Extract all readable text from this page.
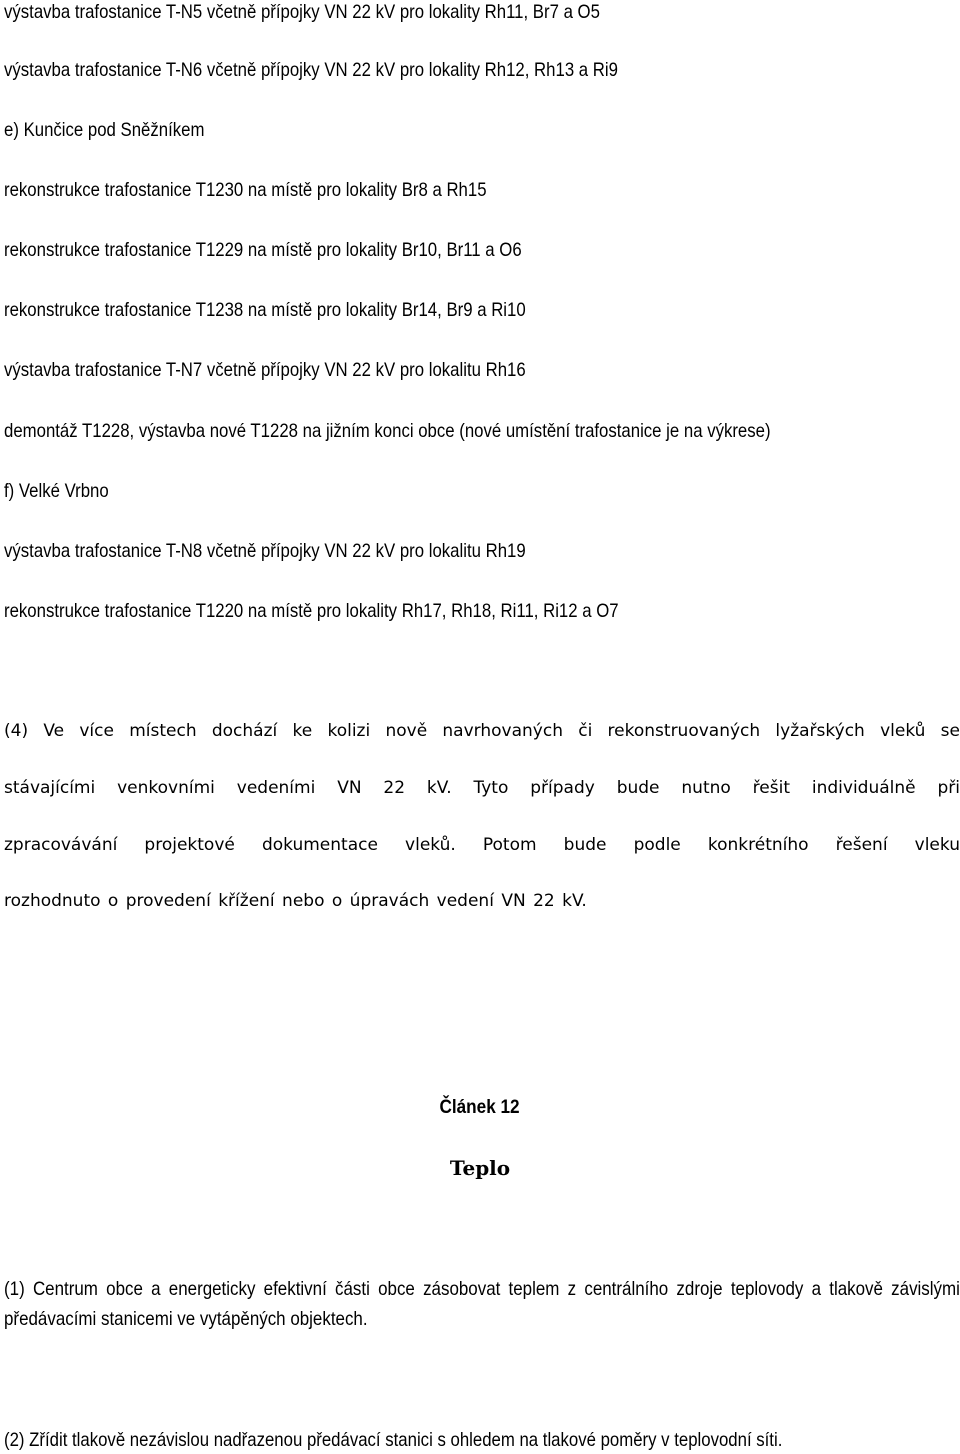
výstavba trafostanice T-N5 včetně přípojky VN 22 kV pro lokality Rh11, Br7 a O5
výstavba trafostanice T-N6 včetně přípojky VN 22 kV pro lokality Rh12, Rh13 a Ri9
e) Kunčice pod Sněžníkem
rekonstrukce trafostanice T1230 na místě pro lokality Br8 a Rh15
rekonstrukce trafostanice T1229 na místě pro lokality Br10, Br11 a O6
rekonstrukce trafostanice T1238 na místě pro lokality Br14, Br9 a Ri10
výstavba trafostanice T-N7 včetně přípojky VN 22 kV pro lokalitu Rh16
demontáž T1228, výstavba nové T1228 na jižním konci obce (nové umístění trafostanice je na výkrese)
f) Velké Vrbno
výstavba trafostanice T-N8 včetně přípojky VN 22 kV pro lokalitu Rh19
rekonstrukce trafostanice T1220 na místě pro lokality Rh17, Rh18, Ri11, Ri12 a O7
(4) Ve více místech dochází ke kolizi nově navrhovaných či rekonstruovaných lyžařských vleků se
stávajícími venkovními vedeními VN 22 kV. Tyto případy bude nutno řešit individuálně při
zpracovávání projektové dokumentace vleků. Potom bude podle konkrétního řešení vleku
rozhodnuto o provedení křížení nebo o úpravách vedení VN 22 kV.
Článek 12
Teplo
(1) Centrum obce a energeticky efektivní části obce zásobovat teplem z centrálního zdroje teplovody a tlakově závislými předávacími stanicemi ve vytápěných objektech.
(2) Zřídit tlakově nezávislou nadřazenou předávací stanici s ohledem na tlakové poměry v teplovodní síti.
